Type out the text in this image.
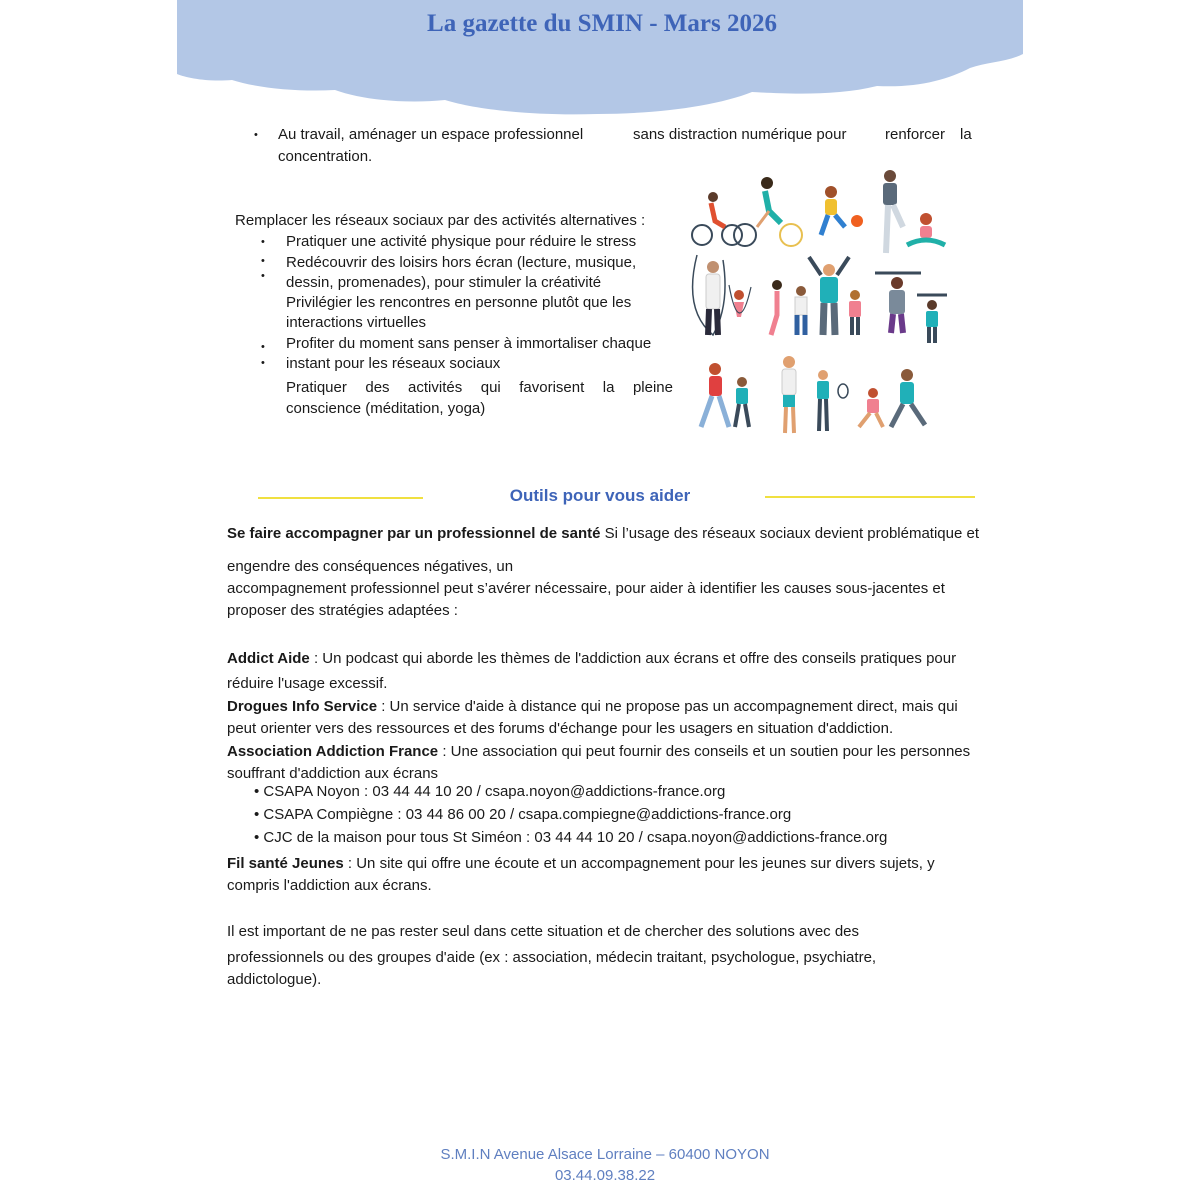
La gazette du SMIN - Mars 2026
• Au travail, aménager un espace professionnel	sans distraction numérique pour	renforcer la
concentration.
Remplacer les réseaux sociaux par des activités alternatives :
•
•
•
•
•
Pratiquer une activité physique pour réduire le stress
Redécouvrir des loisirs hors écran (lecture, musique,
dessin, promenades), pour stimuler la créativité
Privilégier les rencontres en personne plutôt que les
interactions virtuelles
Profiter du moment sans penser à immortaliser chaque
instant pour les réseaux sociaux
Pratiquer des activités qui favorisent la pleine
conscience (méditation, yoga)
Outils pour vous aider
Se faire accompagner par un professionnel de santé Si l’usage des réseaux sociaux devient problématique et
engendre des conséquences négatives, un
accompagnement professionnel peut s’avérer nécessaire, pour aider à identifier les causes sous-jacentes et
proposer des stratégies adaptées :
Addict Aide : Un podcast qui aborde les thèmes de l'addiction aux écrans et offre des conseils pratiques pour
réduire l'usage excessif.
Drogues Info Service : Un service d'aide à distance qui ne propose pas un accompagnement direct, mais qui
peut orienter vers des ressources et des forums d'échange pour les usagers en situation d'addiction.
Association Addiction France : Une association qui peut fournir des conseils et un soutien pour les personnes
souffrant d'addiction aux écrans
• CSAPA Noyon : 03 44 44 10 20 / csapa.noyon@addictions-france.org
• CSAPA Compiègne : 03 44 86 00 20 / csapa.compiegne@addictions-france.org
• CJC de la maison pour tous St Siméon : 03 44 44 10 20 / csapa.noyon@addictions-france.org
Fil santé Jeunes : Un site qui offre une écoute et un accompagnement pour les jeunes sur divers sujets, y
compris l'addiction aux écrans.
Il est important de ne pas rester seul dans cette situation et de chercher des solutions avec des
professionnels ou des groupes d'aide (ex : association, médecin traitant, psychologue, psychiatre,
addictologue).
S.M.I.N Avenue Alsace Lorraine – 60400 NOYON
03.44.09.38.22
